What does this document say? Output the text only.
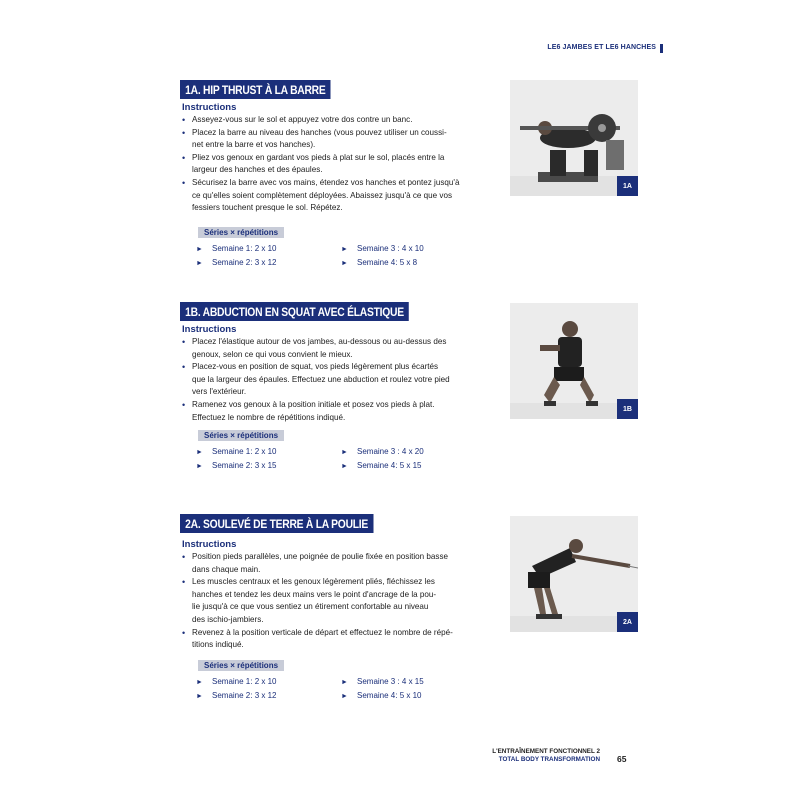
LE6 JAMBES ET LE6 HANCHES
1A. HIP THRUST À LA BARRE
Instructions
• Asseyez-vous sur le sol et appuyez votre dos contre un banc.
• Placez la barre au niveau des hanches (vous pouvez utiliser un coussi-
net entre la barre et vos hanches).
• Pliez vos genoux en gardant vos pieds à plat sur le sol, placés entre la
largeur des hanches et des épaules.
• Sécurisez la barre avec vos mains, étendez vos hanches et pontez jusqu'à
ce qu'elles soient complètement déployées. Abaissez jusqu'à ce que vos
fessiers touchent presque le sol. Répétez.
Séries × répétitions
► Semaine 1: 2 x 10	► Semaine 3 : 4 x 10
► Semaine 2: 3 x 12	► Semaine 4: 5 x 8
1A
1B. ABDUCTION EN SQUAT AVEC ÉLASTIQUE
Instructions
• Placez l'élastique autour de vos jambes, au-dessous ou au-dessus des
genoux, selon ce qui vous convient le mieux.
• Placez-vous en position de squat, vos pieds légèrement plus écartés
que la largeur des épaules. Effectuez une abduction et roulez votre pied
vers l'extérieur.
• Ramenez vos genoux à la position initiale et posez vos pieds à plat.
Effectuez le nombre de répétitions indiqué.
Séries × répétitions
► Semaine 1: 2 x 10	► Semaine 3 : 4 x 20
► Semaine 2: 3 x 15	► Semaine 4: 5 x 15
1B
2A. SOULEVÉ DE TERRE À LA POULIE
Instructions
• Position pieds parallèles, une poignée de poulie fixée en position basse
dans chaque main.
• Les muscles centraux et les genoux légèrement pliés, fléchissez les
hanches et tendez les deux mains vers le point d'ancrage de la pou-
lie jusqu'à ce que vous sentiez un étirement confortable au niveau
des ischio-jambiers.
• Revenez à la position verticale de départ et effectuez le nombre de répé-
titions indiqué.
Séries × répétitions
► Semaine 1: 2 x 10	► Semaine 3 : 4 x 15
► Semaine 2: 3 x 12	► Semaine 4: 5 x 10
2A
L'ENTRAÎNEMENT FONCTIONNEL 2
TOTAL BODY TRANSFORMATION 65
